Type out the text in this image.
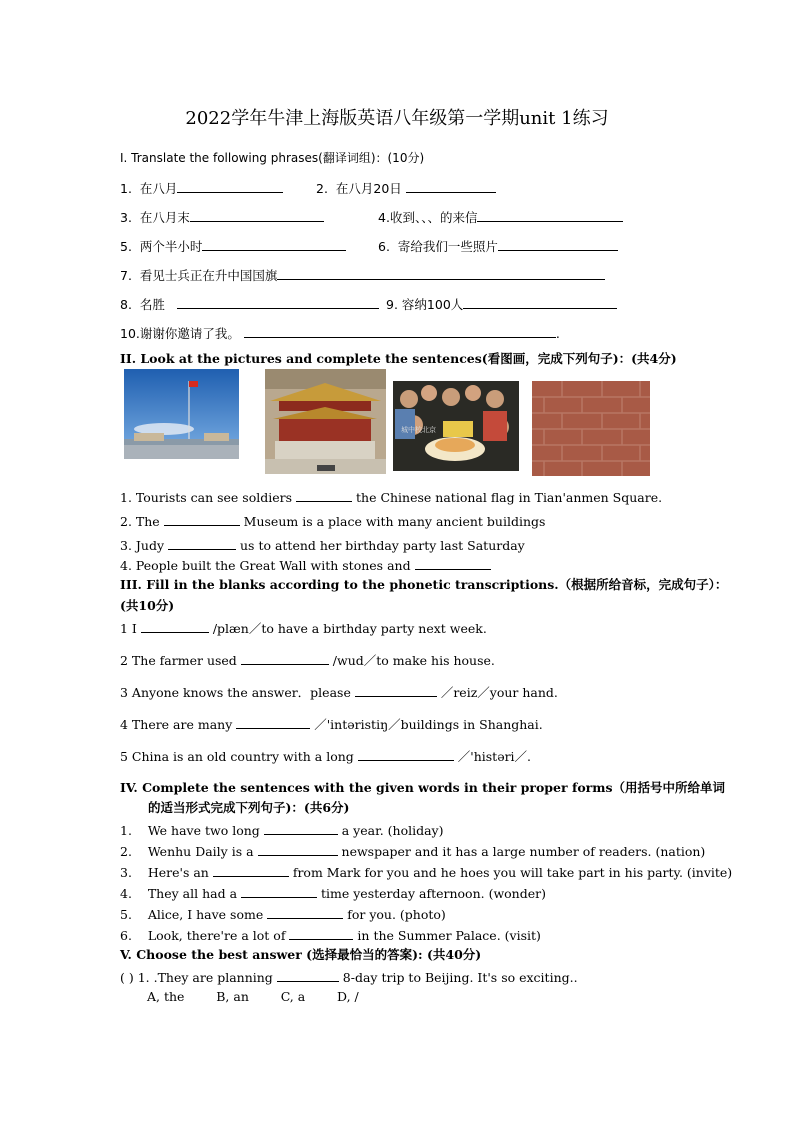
2022学年牛津上海版英语八年级第一学期unit 1练习
I. Translate the following phrases(翻译词组)：(10分)
1. 在八月	2. 在八月20日
3. 在八月末	4.收到、、、的来信
5. 两个半小时	6. 寄给我们一些照片
7. 看见士兵正在升中国国旗
8. 名胜	9. 容纳100人
10.谢谢你邀请了我。	.
II. Look at the pictures and complete the sentences(看图画，完成下列句子)：(共4分)
城中校北京
1. Tourists can see soldiers	the Chinese national flag in Tian'anmen Square.
2. The	Museum is a place with many ancient buildings
3. Judy	us to attend her birthday party last Saturday
4. People built the Great Wall with stones and
III. Fill in the blanks according to the phonetic transcriptions.（根据所给音标，完成句子）：
(共10分)
1 I	/plæn／to have a birthday party next week.
2 The farmer used	/wud／to make his house.
3 Anyone knows the answer．please	／reiz／your hand.
4 There are many	／'intəristiŋ／buildings in Shanghai.
5 China is an old country with a long	／'histəri／.
IV. Complete the sentences with the given words in their proper forms（用括号中所给单词
的适当形式完成下列句子)：(共6分)
1. We have two long	a year. (holiday)
2. Wenhu Daily is a	newspaper and it has a large number of readers. (nation)
3. Here's an	from Mark for you and he hoes you will take part in his party. (invite)
4. They all had a	time yesterday afternoon. (wonder)
5. Alice, I have some	for you. (photo)
6. Look, there're a lot of	in the Summer Palace. (visit)
V. Choose the best answer (选择最恰当的答案): (共40分)
( ) 1. .They are planning	8-day trip to Beijing. It's so exciting..
A, the	B, an	C, a	D, /
